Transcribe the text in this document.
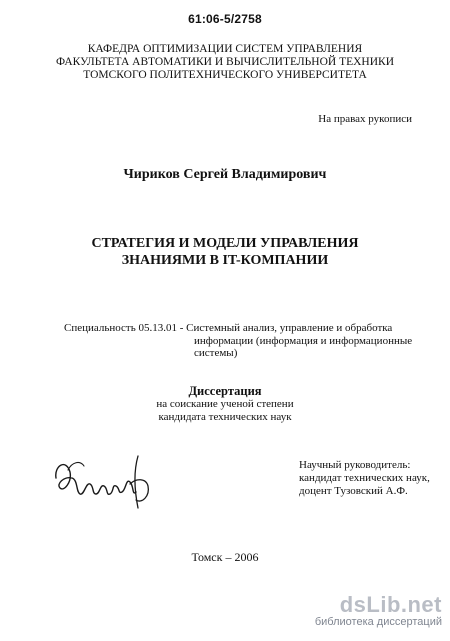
61:06-5/2758
КАФЕДРА ОПТИМИЗАЦИИ СИСТЕМ УПРАВЛЕНИЯ
ФАКУЛЬТЕТА АВТОМАТИКИ И ВЫЧИСЛИТЕЛЬНОЙ ТЕХНИКИ
ТОМСКОГО ПОЛИТЕХНИЧЕСКОГО УНИВЕРСИТЕТА
На правах рукописи
Чириков Сергей Владимирович
СТРАТЕГИЯ И МОДЕЛИ УПРАВЛЕНИЯ
ЗНАНИЯМИ В IT-КОМПАНИИ
Специальность 05.13.01 - Системный анализ, управление и обработка
информации (информация и информационные
системы)
Диссертация
на соискание ученой степени
кандидата технических наук
Научный руководитель:
кандидат технических наук,
доцент Тузовский А.Ф.
Томск – 2006
dsLib.net
библиотека диссертаций
